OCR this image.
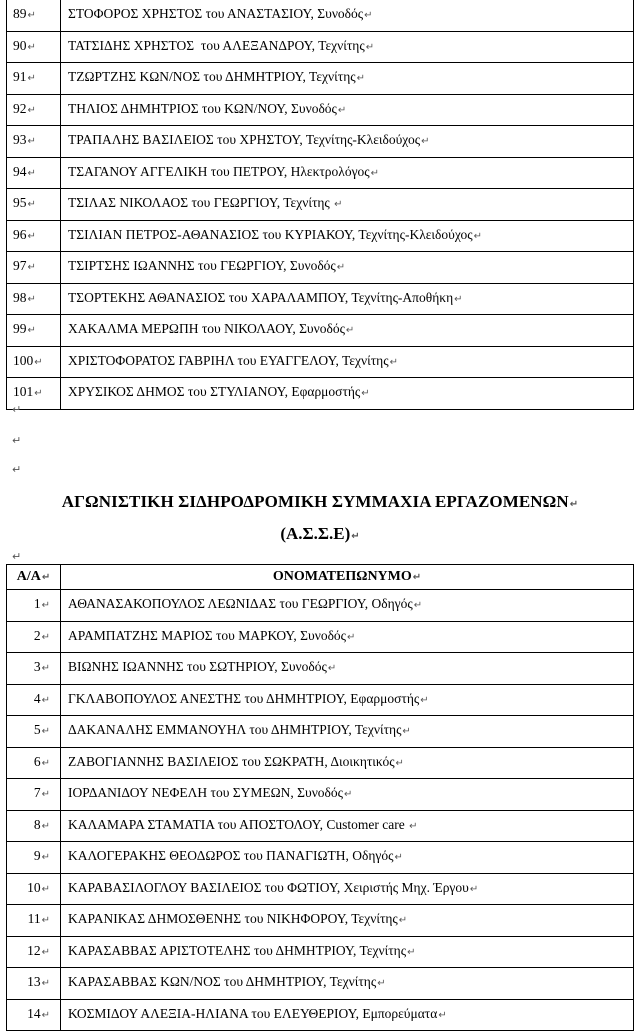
89↵	ΣΤΟΦΟΡΟΣ ΧΡΗΣΤΟΣ του ΑΝΑΣΤΑΣΙΟΥ, Συνοδός↵
90↵	ΤΑΤΣΙΔΗΣ ΧΡΗΣΤΟΣ  του ΑΛΕΞΑΝΔΡΟΥ, Τεχνίτης↵
91↵	ΤΖΩΡΤΖΗΣ ΚΩΝ/ΝΟΣ του ΔΗΜΗΤΡΙΟΥ, Τεχνίτης↵
92↵	ΤΗΛΙΟΣ ΔΗΜΗΤΡΙΟΣ του ΚΩΝ/ΝΟΥ, Συνοδός↵
93↵	ΤΡΑΠΑΛΗΣ ΒΑΣΙΛΕΙΟΣ του ΧΡΗΣΤΟΥ, Τεχνίτης-Κλειδούχος↵
94↵	ΤΣΑΓΑΝΟΥ ΑΓΓΕΛΙΚΗ του ΠΕΤΡΟΥ, Ηλεκτρολόγος↵
95↵	ΤΣΙΛΑΣ ΝΙΚΟΛΑΟΣ του ΓΕΩΡΓΙΟΥ, Τεχνίτης ↵
96↵	ΤΣΙΛΙΑΝ ΠΕΤΡΟΣ-ΑΘΑΝΑΣΙΟΣ του ΚΥΡΙΑΚΟΥ, Τεχνίτης-Κλειδούχος↵
97↵	ΤΣΙΡΤΣΗΣ ΙΩΑΝΝΗΣ του ΓΕΩΡΓΙΟΥ, Συνοδός↵
98↵	ΤΣΟΡΤΕΚΗΣ ΑΘΑΝΑΣΙΟΣ του ΧΑΡΑΛΑΜΠΟΥ, Τεχνίτης-Αποθήκη↵
99↵	ΧΑΚΑΛΜΑ ΜΕΡΩΠΗ του ΝΙΚΟΛΑΟΥ, Συνοδός↵
100↵	ΧΡΙΣΤΟΦΟΡΑΤΟΣ ΓΑΒΡΙΗΛ του ΕΥΑΓΓΕΛΟΥ, Τεχνίτης↵
101↵	ΧΡΥΣΙΚΟΣ ΔΗΜΟΣ του ΣΤΥΛΙΑΝΟΥ, Εφαρμοστής↵
↵
↵
↵
ΑΓΩΝΙΣΤΙΚΗ ΣΙΔΗΡΟΔΡΟΜΙΚΗ ΣΥΜΜΑΧΙΑ ΕΡΓΑΖΟΜΕΝΩΝ↵
(Α.Σ.Σ.Ε)↵
↵
Α/Α↵	ΟΝΟΜΑΤΕΠΩΝΥΜΟ↵
1↵	ΑΘΑΝΑΣΑΚΟΠΟΥΛΟΣ ΛΕΩΝΙΔΑΣ του ΓΕΩΡΓΙΟΥ, Οδηγός↵
2↵	ΑΡΑΜΠΑΤΖΗΣ ΜΑΡΙΟΣ του ΜΑΡΚΟΥ, Συνοδός↵
3↵	ΒΙΩΝΗΣ ΙΩΑΝΝΗΣ του ΣΩΤΗΡΙΟΥ, Συνοδός↵
4↵	ΓΚΛΑΒΟΠΟΥΛΟΣ ΑΝΕΣΤΗΣ του ΔΗΜΗΤΡΙΟΥ, Εφαρμοστής↵
5↵	ΔΑΚΑΝΑΛΗΣ ΕΜΜΑΝΟΥΗΛ του ΔΗΜΗΤΡΙΟΥ, Τεχνίτης↵
6↵	ΖΑΒΟΓΙΑΝΝΗΣ ΒΑΣΙΛΕΙΟΣ του ΣΩΚΡΑΤΗ, Διοικητικός↵
7↵	ΙΟΡΔΑΝΙΔΟΥ ΝΕΦΕΛΗ του ΣΥΜΕΩΝ, Συνοδός↵
8↵	ΚΑΛΑΜΑΡΑ ΣΤΑΜΑΤΙΑ του ΑΠΟΣΤΟΛΟΥ, Customer care ↵
9↵	ΚΑΛΟΓΕΡΑΚΗΣ ΘΕΟΔΩΡΟΣ του ΠΑΝΑΓΙΩΤΗ, Οδηγός↵
10↵	ΚΑΡΑΒΑΣΙΛΟΓΛΟΥ ΒΑΣΙΛΕΙΟΣ του ΦΩΤΙΟΥ, Χειριστής Μηχ. Έργου↵
11↵	ΚΑΡΑΝΙΚΑΣ ΔΗΜΟΣΘΕΝΗΣ του ΝΙΚΗΦΟΡΟΥ, Τεχνίτης↵
12↵	ΚΑΡΑΣΑΒΒΑΣ ΑΡΙΣΤΟΤΕΛΗΣ του ΔΗΜΗΤΡΙΟΥ, Τεχνίτης↵
13↵	ΚΑΡΑΣΑΒΒΑΣ ΚΩΝ/ΝΟΣ του ΔΗΜΗΤΡΙΟΥ, Τεχνίτης↵
14↵	ΚΟΣΜΙΔΟΥ ΑΛΕΞΙΑ-ΗΛΙΑΝΑ του ΕΛΕΥΘΕΡΙΟΥ, Εμπορεύματα↵
